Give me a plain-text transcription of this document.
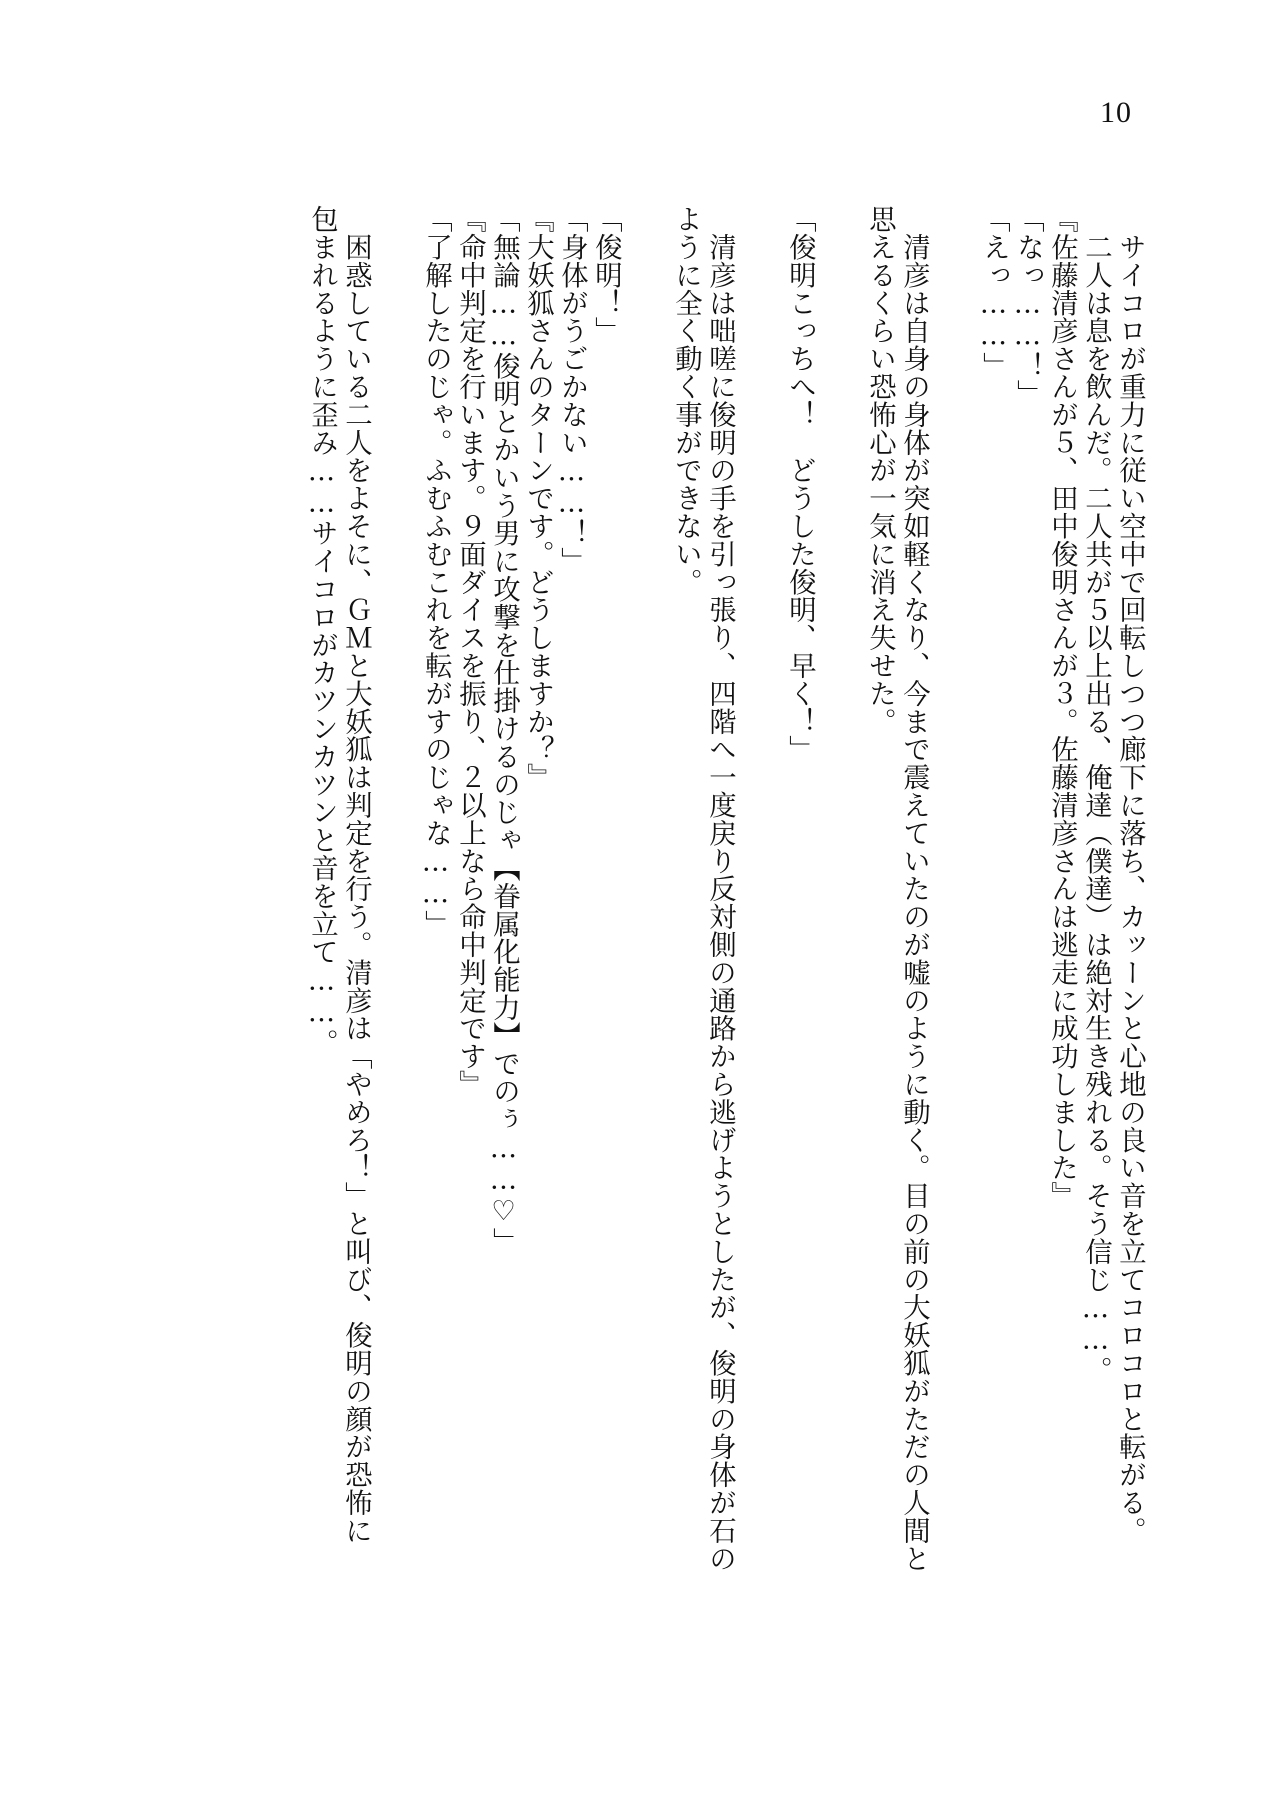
10
　サイコロが重力に従い空中で回転しつつ廊下に落ち、カッーンと心地の良い音を立てコロコロと転がる。
　二人は息を飲んだ。二人共が５以上出る、俺達（僕達）は絶対生き残れる。そう信じ……。
『佐藤清彦さんが５、田中俊明さんが３。佐藤清彦さんは逃走に成功しました』
「なっ……！」
「えっ……」
　清彦は自身の身体が突如軽くなり、今まで震えていたのが嘘のように動く。目の前の大妖狐がただの人間と
思えるくらい恐怖心が一気に消え失せた。
「俊明こっちへ！　どうした俊明、早く！」
　清彦は咄嗟に俊明の手を引っ張り、四階へ一度戻り反対側の通路から逃げようとしたが、俊明の身体が石の
ように全く動く事ができない。
「俊明！」
「身体がうごかない……！」
『大妖狐さんのターンです。どうしますか？』
「無論……俊明とかいう男に攻撃を仕掛けるのじゃ【眷属化能力】でのぅ……♡」
『命中判定を行います。９面ダイスを振り、２以上なら命中判定です』
「了解したのじゃ。ふむふむこれを転がすのじゃな……」
　困惑している二人をよそに、ＧＭと大妖狐は判定を行う。清彦は「やめろ！」と叫び、俊明の顔が恐怖に
包まれるように歪み……サイコロがカツンカツンと音を立て……。
